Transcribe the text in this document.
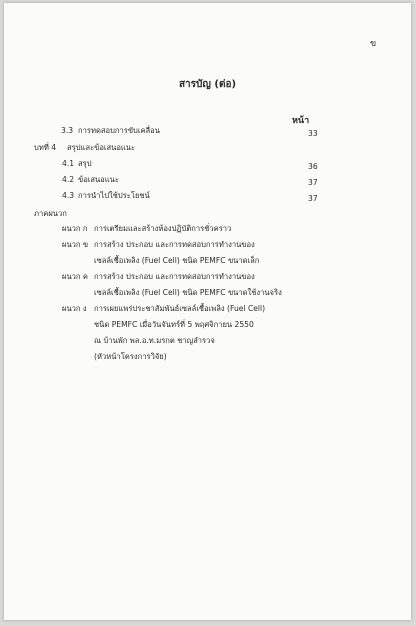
ข
สารบัญ (ต่อ)
หน้า
3.3 การทดสอบการขับเคลื่อน	33
บทที่ 4 สรุปและข้อเสนอแนะ
4.1 สรุป	36
4.2 ข้อเสนอแนะ	37
4.3 การนำไปใช้ประโยชน์	37
ภาคผนวก
ผนวก ก การเตรียมและสร้างห้องปฏิบัติการชั่วคราว
ผนวก ข การสร้าง ประกอบ และการทดสอบการทำงานของ
เซลล์เชื้อเพลิง (Fuel Cell) ชนิด PEMFC ขนาดเล็ก
ผนวก ค การสร้าง ประกอบ และการทดสอบการทำงานของ
เซลล์เชื้อเพลิง (Fuel Cell) ชนิด PEMFC ขนาดใช้งานจริง
ผนวก ง การเผยแพร่ประชาสัมพันธ์เซลล์เชื้อเพลิง (Fuel Cell)
ชนิด PEMFC เมื่อวันจันทร์ที่ 5 พฤศจิกายน 2550
ณ บ้านพัก พล.อ.ท.มรกต ชาญลำรวจ
(หัวหน้าโครงการวิจัย)
